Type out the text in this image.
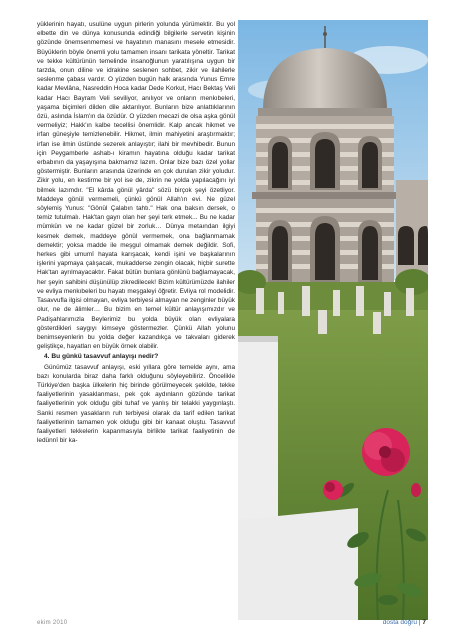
yüklerinin hayatı, usulüne uygun pirlerin yolunda yürümektir. Bu yol elbette din ve dünya konusunda edindiği bilgilerle servetin kişinin gözünde önemsenmemesi ve hayatının manasını mesele etmesidir. Büyüklerin böyle önemli yolu tamamen insanı tarikata yöneltir. Tarikat ve tekke kültürünün temelinde insanoğlunun yaratılışına uygun bir tarzda, onun diline ve idrakine seslenen sohbet, zikir ve ilahilerle seslenme çabası vardır. O yüzden bugün halk arasında Yunus Emre kadar Mevlâna, Nasreddin Hoca kadar Dede Korkut, Hacı Bektaş Veli kadar Hacı Bayram Veli seviliyor, anılıyor ve onların menkıbeleri, yaşama biçimleri dilden dile aktarılıyor. Bunların bize anlattıklarının özü, aslında İslam'ın da özüdür. O yüzden mecazi de olsa aşka gönül vermeliyiz; Hakk'ın kalbe tecellisi önemlidir. Kalp ancak hikmet ve irfan güneşiyle temizlenebilir. Hikmet, ilmin mahiyetini araştırmaktır; irfan ise ilmin üstünde sezerek anlayıştır; ilahi bir mevhibedir. Bunun için Peygamberle ashab-ı kiramın hayatına olduğu kadar tarikat erbabının da yaşayışına bakmamız lazım. Onlar bize bazı özel yollar göstermiştir. Bunların arasında üzerinde en çok durulan zikir yoludur. Zikir yolu, en kestirme bir yol ise de, zikrin ne yolda yapılacağını iyi bilmek lazımdır. "El kârda gönül yârda" sözü birçok şeyi özetliyor. Maddeye gönül vermemeli, çünkü gönül Allah'ın evi. Ne güzel söylemiş Yunus: "Gönül Çalabın tahtı." Hak ona baksın dersek, o temiz tutulmalı. Hak'tan gayrı olan her şeyi terk etmek... Bu ne kadar mümkün ve ne kadar güzel bir zorluk… Dünya metaından ilgiyi kesmek demek, maddeye gönül vermemek, ona bağlanmamak demektir; yoksa madde ile meşgul olmamak demek değildir. Sofi, herkes gibi umumî hayata karışacak, kendi işini ve başkalarının işlerini yapmaya çalışacak, mukadderse zengin olacak, hiçbir surette Hak'tan ayrılmayacaktır. Fakat bütün bunlara gönlünü bağlamayacak, her şeyin sahibini düşünülüp zikredilecek! Bizim kültürümüzde ilahiler ve evliya menkıbeleri bu hayatı meşgaleyi öğretir. Evliya rol modelidir. Tasavvufla ilgisi olmayan, evliya terbiyesi almayan ne zenginler büyük olur, ne de âlimler… Bu bizim en temel kültür anlayışımızdır ve Padişahlarımızla Beylerimiz bu yolda büyük olan evliyalara gösterdikleri saygıyı kimseye göstermezler. Çünkü Allah yolunu benimseyenlerin bu yolda değer kazandıkça ve takvaları giderek geliştikçe, hayatları en büyük örnek olabilir.

4. Bu günkü tasavvuf anlayışı nedir?

Günümüz tasavvuf anlayışı, eski yıllara göre temelde aynı, ama bazı konularda biraz daha farklı olduğunu söyleyebiliriz. Öncelikle Türkiye'den başka ülkelerin hiç birinde görülmeyecek şekilde, tekke faaliyetlerinin yasaklanması, pek çok aydınların gözünde tarikat faaliyetlerinin yok olduğu gibi tuhaf ve yanlış bir telakki yaygınlaştı. Sanki resmen yasakların ruh terbiyesi olarak da tarif edilen tarikat faaliyetlerinin tamamen yok olduğu gibi bir kanaat oluştu. Tasavvuf faaliyetleri tekkelerin kapanmasıyla birlikte tarikat faaliyetinin de ledünnî bir ka-

ekim 2010	dosta doğru | 7
